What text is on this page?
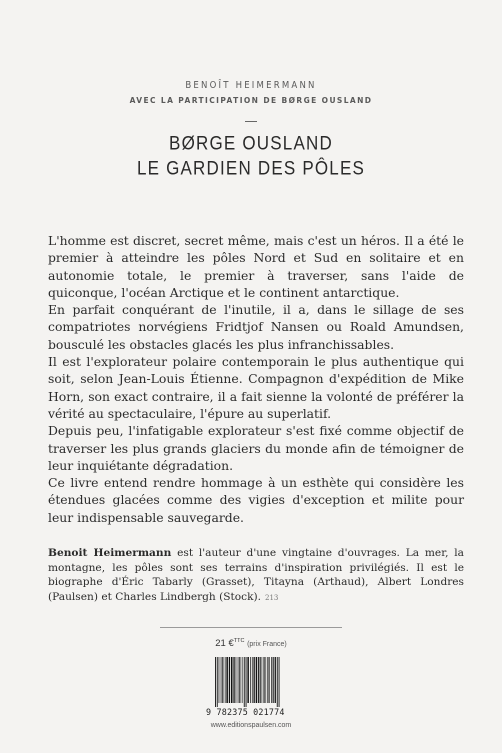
BENOÎT HEIMERMANN
AVEC LA PARTICIPATION DE BØRGE OUSLAND
BØRGE OUSLAND
LE GARDIEN DES PÔLES

L'homme est discret, secret même, mais c'est un héros. Il a été le premier à atteindre les pôles Nord et Sud en solitaire et en autonomie totale, le premier à traverser, sans l'aide de quiconque, l'océan Arctique et le continent antarctique.

En parfait conquérant de l'inutile, il a, dans le sillage de ses compatriotes norvégiens Fridtjof Nansen ou Roald Amundsen, bousculé les obstacles glacés les plus infranchissables.

Il est l'explorateur polaire contemporain le plus authentique qui soit, selon Jean-Louis Étienne. Compagnon d'expédition de Mike Horn, son exact contraire, il a fait sienne la volonté de préférer la vérité au spectaculaire, l'épure au superlatif.

Depuis peu, l'infatigable explorateur s'est fixé comme objectif de traverser les plus grands glaciers du monde afin de témoigner de leur inquiétante dégradation.

Ce livre entend rendre hommage à un esthète qui considère les étendues glacées comme des vigies d'exception et milite pour leur indispensable sauvegarde.

Benoit Heimermann est l'auteur d'une vingtaine d'ouvrages. La mer, la montagne, les pôles sont ses terrains d'inspiration privilégiés. Il est le biographe d'Éric Tabarly (Grasset), Titayna (Arthaud), Albert Londres (Paulsen) et Charles Lindbergh (Stock). 213
21 €$^{TTC}$ (prix France)
9 782375 021774
www.editionspaulsen.com
